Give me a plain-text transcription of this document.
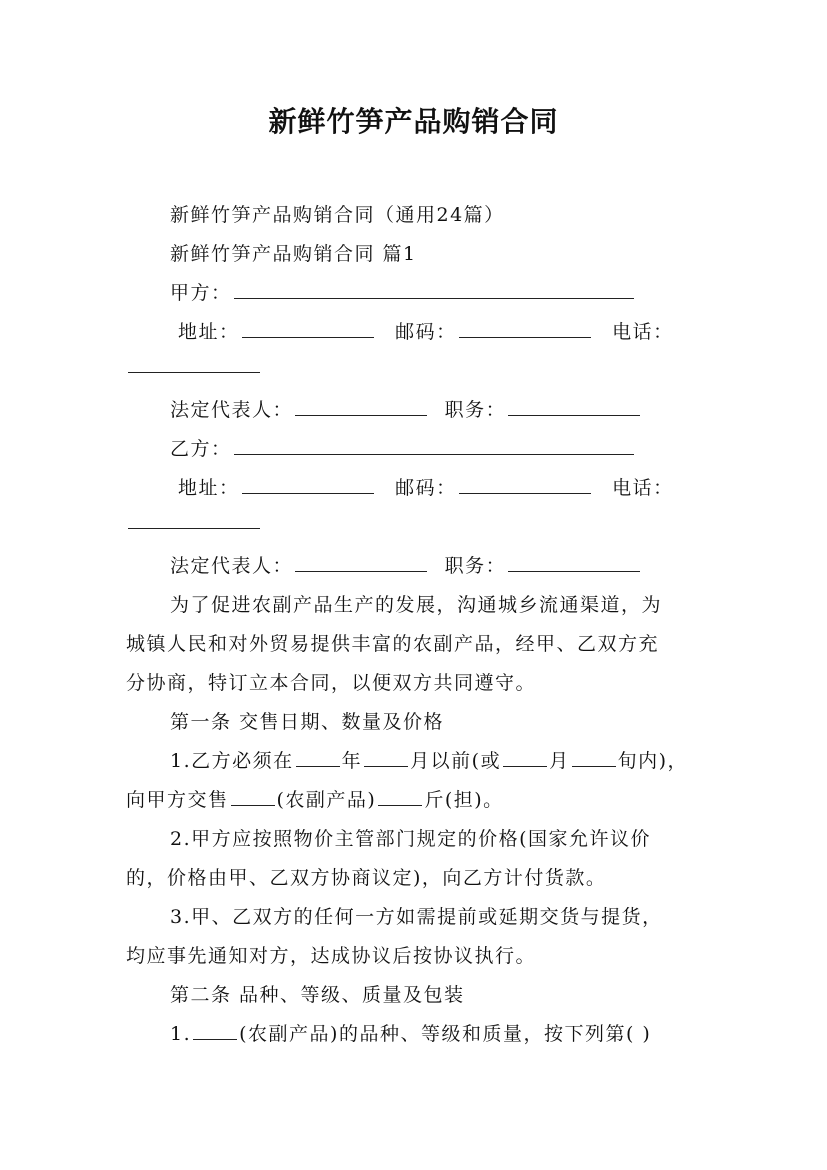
新鲜竹笋产品购销合同
新鲜竹笋产品购销合同（通用24篇）
新鲜竹笋产品购销合同 篇1
甲方：
地址：	邮码：	电话：
法定代表人：	职务：
乙方：
地址：	邮码：	电话：
法定代表人：	职务：
为了促进农副产品生产的发展，沟通城乡流通渠道，为
城镇人民和对外贸易提供丰富的农副产品，经甲、乙双方充
分协商，特订立本合同，以便双方共同遵守。
第一条 交售日期、数量及价格
1.乙方必须在	年	月以前(或	月	旬内)，
向甲方交售	(农副产品)	斤(担)。
2.甲方应按照物价主管部门规定的价格(国家允许议价
的，价格由甲、乙双方协商议定)，向乙方计付货款。
3.甲、乙双方的任何一方如需提前或延期交货与提货，
均应事先通知对方，达成协议后按协议执行。
第二条 品种、等级、质量及包装
1.	(农副产品)的品种、等级和质量，按下列第( )
